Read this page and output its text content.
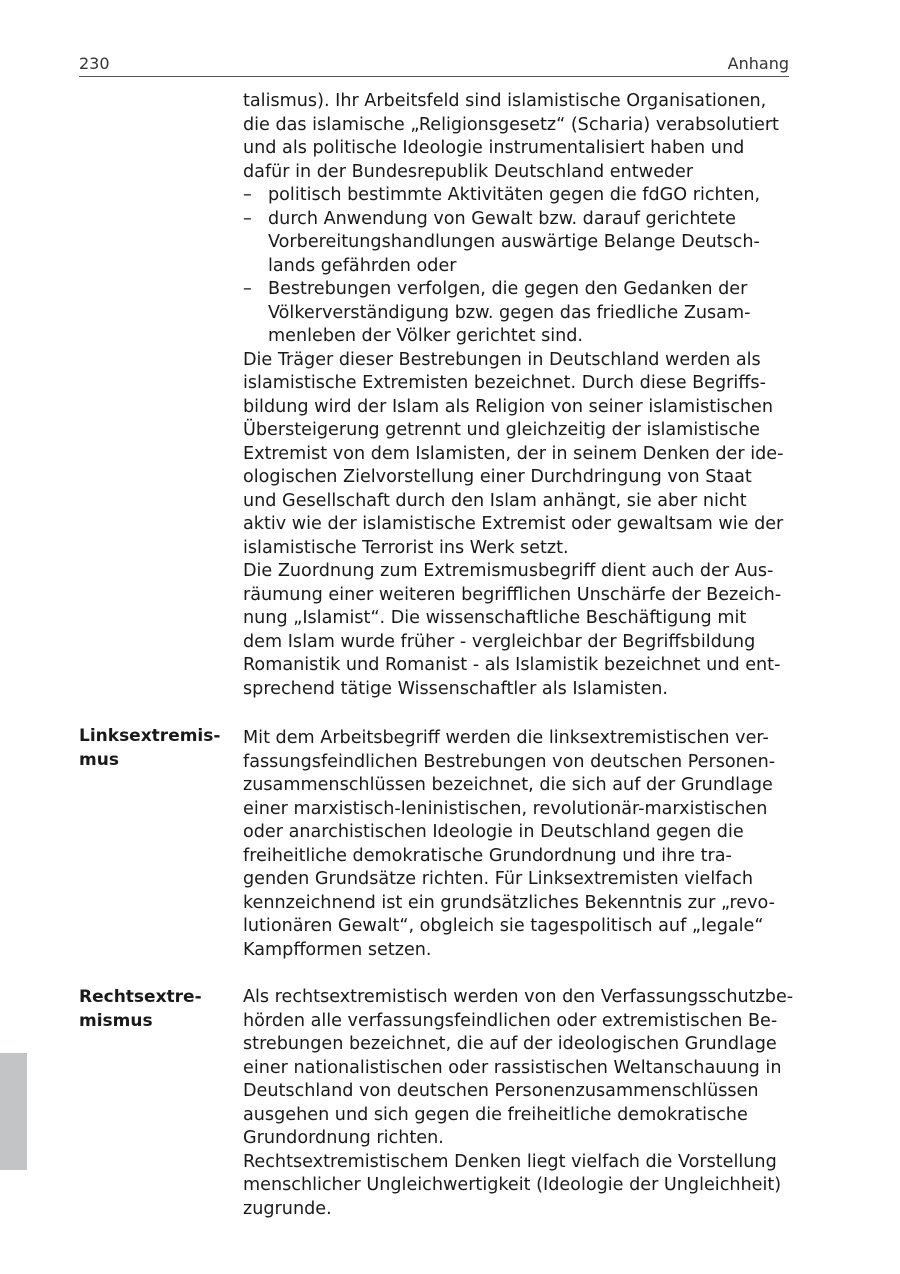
230	Anhang

talismus). Ihr Arbeitsfeld sind islamistische Organisationen,

die das islamische „Religionsgesetz“ (Scharia) verabsolutiert

und als politische Ideologie instrumentalisiert haben und

dafür in der Bundesrepublik Deutschland entweder

– politisch bestimmte Aktivitäten gegen die fdGO richten,
– durch Anwendung von Gewalt bzw. darauf gerichtete
Vorbereitungshandlungen auswärtige Belange Deutsch-
lands gefährden oder
– Bestrebungen verfolgen, die gegen den Gedanken der
Völkerverständigung bzw. gegen das friedliche Zusam-
menleben der Völker gerichtet sind.

Die Träger dieser Bestrebungen in Deutschland werden als

islamistische Extremisten bezeichnet. Durch diese Begriffs-

bildung wird der Islam als Religion von seiner islamistischen

Übersteigerung getrennt und gleichzeitig der islamistische

Extremist von dem Islamisten, der in seinem Denken der ide-

ologischen Zielvorstellung einer Durchdringung von Staat

und Gesellschaft durch den Islam anhängt, sie aber nicht

aktiv wie der islamistische Extremist oder gewaltsam wie der

islamistische Terrorist ins Werk setzt.

Die Zuordnung zum Extremismusbegriff dient auch der Aus-

räumung einer weiteren begrifflichen Unschärfe der Bezeich-

nung „Islamist“. Die wissenschaftliche Beschäftigung mit

dem Islam wurde früher - vergleichbar der Begriffsbildung

Romanistik und Romanist - als Islamistik bezeichnet und ent-

sprechend tätige Wissenschaftler als Islamisten.

Linksextremis-
mus

Mit dem Arbeitsbegriff werden die linksextremistischen ver-

fassungsfeindlichen Bestrebungen von deutschen Personen-

zusammenschlüssen bezeichnet, die sich auf der Grundlage

einer marxistisch-leninistischen, revolutionär-marxistischen

oder anarchistischen Ideologie in Deutschland gegen die

freiheitliche demokratische Grundordnung und ihre tra-

genden Grundsätze richten. Für Linksextremisten vielfach

kennzeichnend ist ein grundsätzliches Bekenntnis zur „revo-

lutionären Gewalt“, obgleich sie tagespolitisch auf „legale“

Kampfformen setzen.

Rechtsextre-
mismus

Als rechtsextremistisch werden von den Verfassungsschutzbe-

hörden alle verfassungsfeindlichen oder extremistischen Be-

strebungen bezeichnet, die auf der ideologischen Grundlage

einer nationalistischen oder rassistischen Weltanschauung in

Deutschland von deutschen Personenzusammenschlüssen

ausgehen und sich gegen die freiheitliche demokratische

Grundordnung richten.

Rechtsextremistischem Denken liegt vielfach die Vorstellung

menschlicher Ungleichwertigkeit (Ideologie der Ungleichheit)

zugrunde.
